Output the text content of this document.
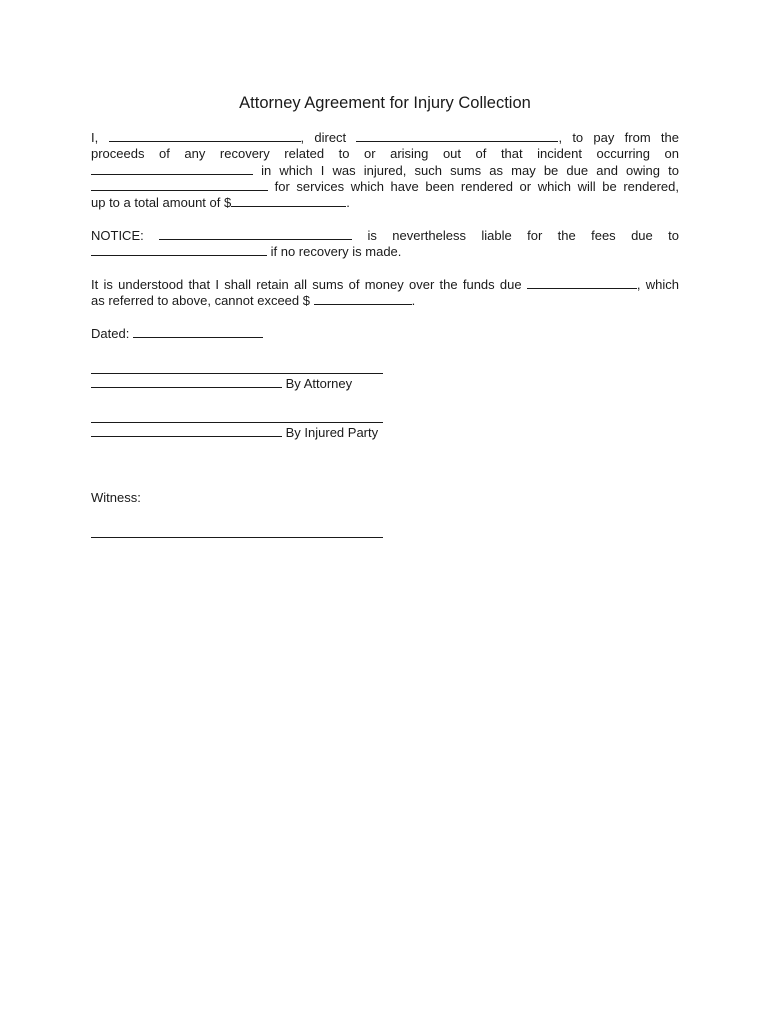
Attorney Agreement for Injury Collection
I,	, direct	, to pay from the
proceeds of any recovery related to or arising out of that incident occurring on
in which I was injured, such sums as may be due and owing to
for services which have been rendered or which will be rendered,
up to a total amount of $	.
NOTICE:	is nevertheless liable for the fees due to
if no recovery is made.
It is understood that I shall retain all sums of money over the funds due	, which
as referred to above, cannot exceed $	.
Dated:
By Attorney
By Injured Party
Witness:
